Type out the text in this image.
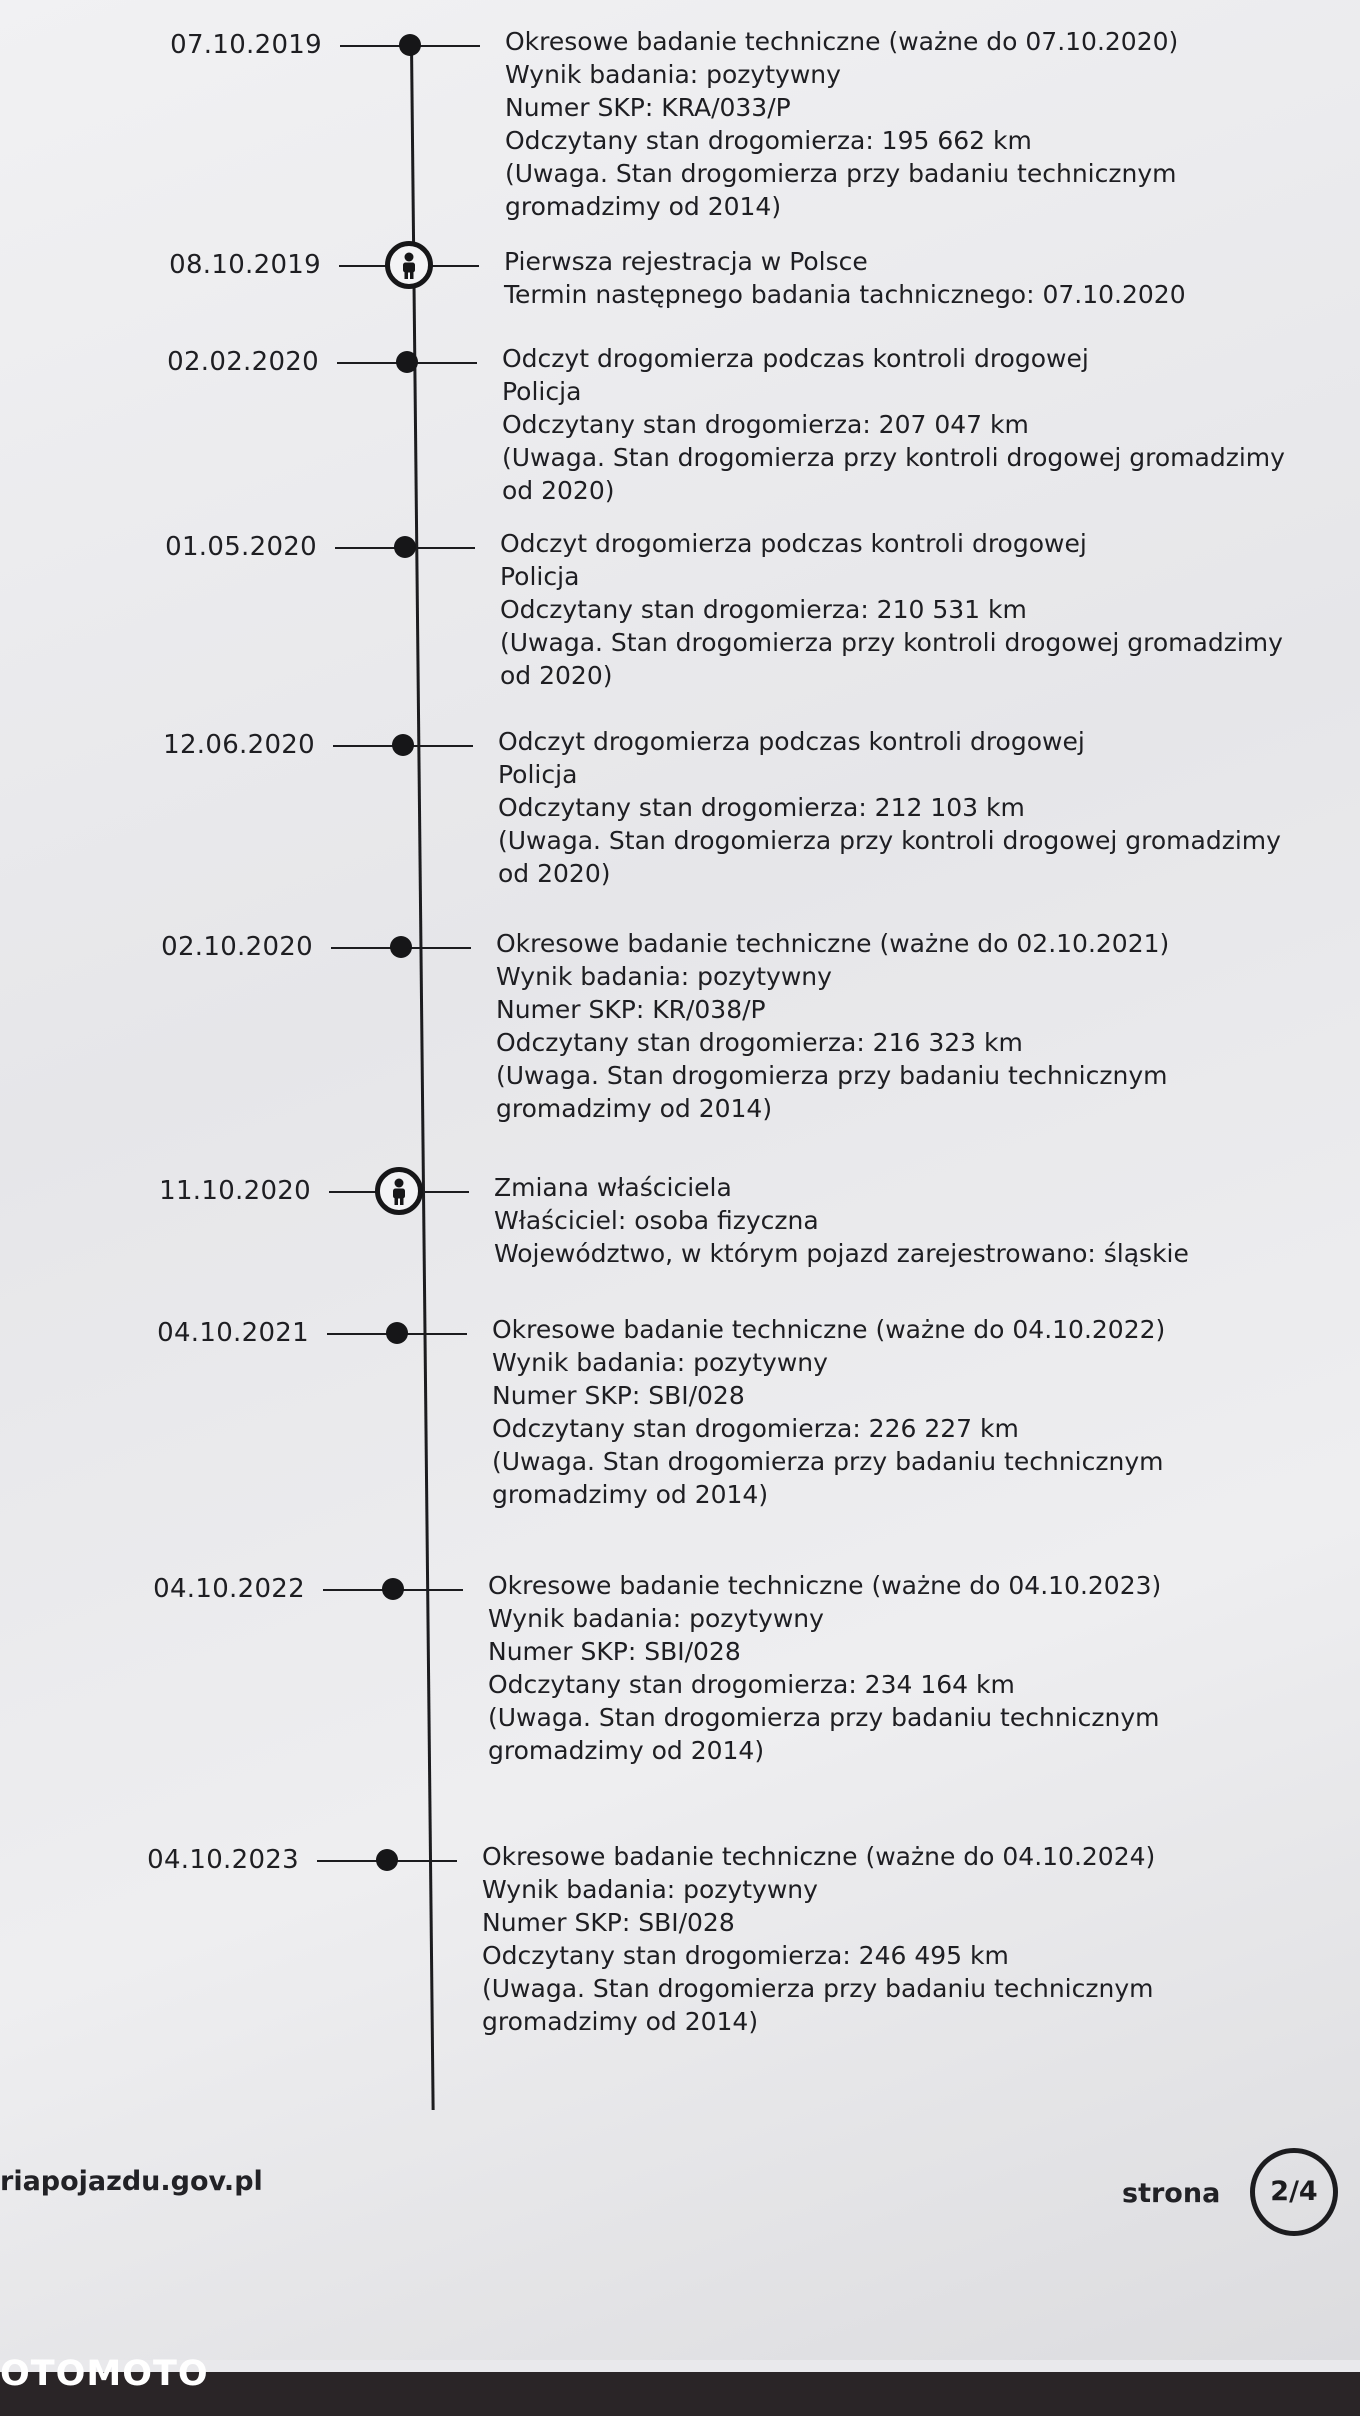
07.10.2019	Okresowe badanie techniczne (ważne do 07.10.2020)
Wynik badania: pozytywny
Numer SKP: KRA/033/P
Odczytany stan drogomierza: 195 662 km
(Uwaga. Stan drogomierza przy badaniu technicznym
gromadzimy od 2014)
08.10.2019	Pierwsza rejestracja w Polsce
Termin następnego badania tachnicznego: 07.10.2020
02.02.2020	Odczyt drogomierza podczas kontroli drogowej
Policja
Odczytany stan drogomierza: 207 047 km
(Uwaga. Stan drogomierza przy kontroli drogowej gromadzimy
od 2020)
01.05.2020	Odczyt drogomierza podczas kontroli drogowej
Policja
Odczytany stan drogomierza: 210 531 km
(Uwaga. Stan drogomierza przy kontroli drogowej gromadzimy
od 2020)
12.06.2020	Odczyt drogomierza podczas kontroli drogowej
Policja
Odczytany stan drogomierza: 212 103 km
(Uwaga. Stan drogomierza przy kontroli drogowej gromadzimy
od 2020)
02.10.2020	Okresowe badanie techniczne (ważne do 02.10.2021)
Wynik badania: pozytywny
Numer SKP: KR/038/P
Odczytany stan drogomierza: 216 323 km
(Uwaga. Stan drogomierza przy badaniu technicznym
gromadzimy od 2014)
11.10.2020	Zmiana właściciela
Właściciel: osoba fizyczna
Województwo, w którym pojazd zarejestrowano: śląskie
04.10.2021	Okresowe badanie techniczne (ważne do 04.10.2022)
Wynik badania: pozytywny
Numer SKP: SBI/028
Odczytany stan drogomierza: 226 227 km
(Uwaga. Stan drogomierza przy badaniu technicznym
gromadzimy od 2014)
04.10.2022	Okresowe badanie techniczne (ważne do 04.10.2023)
Wynik badania: pozytywny
Numer SKP: SBI/028
Odczytany stan drogomierza: 234 164 km
(Uwaga. Stan drogomierza przy badaniu technicznym
gromadzimy od 2014)
04.10.2023	Okresowe badanie techniczne (ważne do 04.10.2024)
Wynik badania: pozytywny
Numer SKP: SBI/028
Odczytany stan drogomierza: 246 495 km
(Uwaga. Stan drogomierza przy badaniu technicznym
gromadzimy od 2014)
riapojazdu.gov.pl	strona	2/4
OTOMOTO
